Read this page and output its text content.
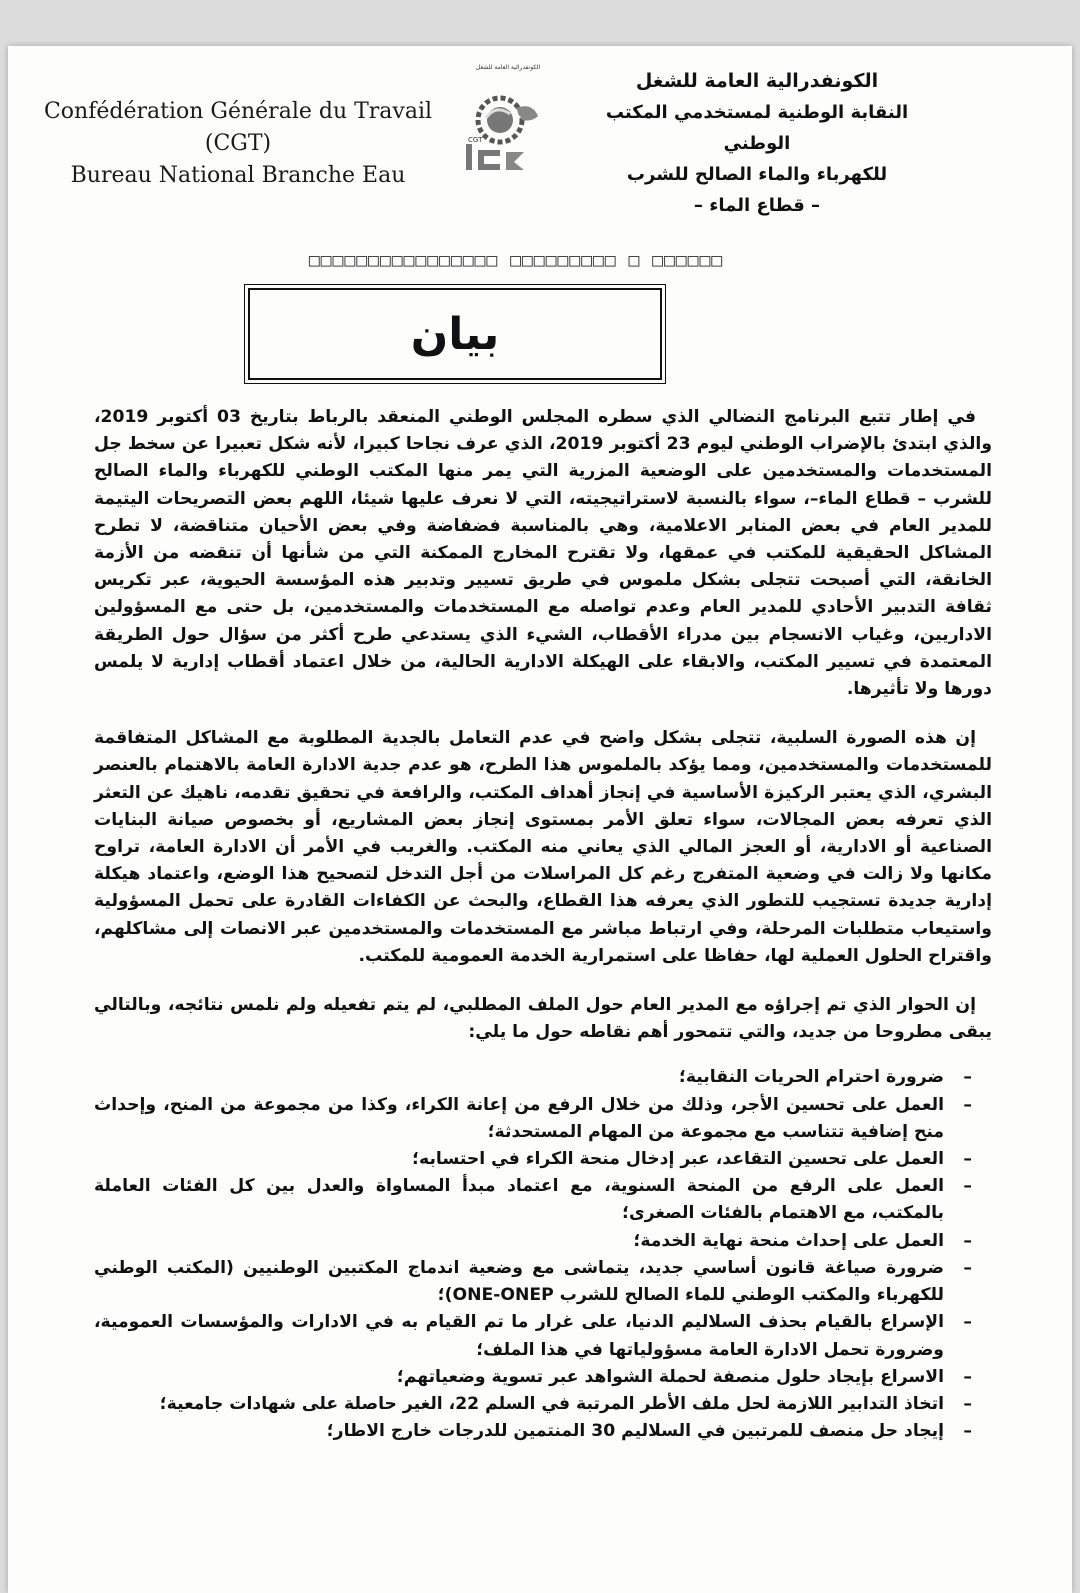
Confédération Générale du Travail
(CGT)
Bureau National Branche Eau
الكونفدرالية العامة للشغل
CGT
الكونفدرالية العامة للشغل
النقابة الوطنية لمستخدمي المكتب الوطني
للكهرباء والماء الصالح للشرب
– قطاع الماء –
□□□□□□□□□□□□□□□□ □□□□□□□□□ □ □□□□□□
بيان

في إطار تتبع البرنامج النضالي الذي سطره المجلس الوطني المنعقد بالرباط بتاريخ 03 أكتوبر 2019، والذي ابتدئ بالإضراب الوطني ليوم 23 أكتوبر 2019، الذي عرف نجاحا كبيرا، لأنه شكل تعبيرا عن سخط جل المستخدمات والمستخدمين على الوضعية المزرية التي يمر منها المكتب الوطني للكهرباء والماء الصالح للشرب – قطاع الماء–، سواء بالنسبة لاستراتيجيته، التي لا نعرف عليها شيئا، اللهم بعض التصريحات اليتيمة للمدير العام في بعض المنابر الاعلامية، وهي بالمناسبة فضفاضة وفي بعض الأحيان متناقضة، لا تطرح المشاكل الحقيقية للمكتب في عمقها، ولا تقترح المخارج الممكنة التي من شأنها أن تنقضه من الأزمة الخانقة، التي أصبحت تتجلى بشكل ملموس في طريق تسيير وتدبير هذه المؤسسة الحيوية، عبر تكريس ثقافة التدبير الأحادي للمدير العام وعدم تواصله مع المستخدمات والمستخدمين، بل حتى مع المسؤولين الاداريين، وغياب الانسجام بين مدراء الأقطاب، الشيء الذي يستدعي طرح أكثر من سؤال حول الطريقة المعتمدة في تسيير المكتب، والابقاء على الهيكلة الادارية الحالية، من خلال اعتماد أقطاب إدارية لا يلمس دورها ولا تأثيرها.

إن هذه الصورة السلبية، تتجلى بشكل واضح في عدم التعامل بالجدية المطلوبة مع المشاكل المتفاقمة للمستخدمات والمستخدمين، ومما يؤكد بالملموس هذا الطرح، هو عدم جدية الادارة العامة بالاهتمام بالعنصر البشري، الذي يعتبر الركيزة الأساسية في إنجاز أهداف المكتب، والرافعة في تحقيق تقدمه، ناهيك عن التعثر الذي تعرفه بعض المجالات، سواء تعلق الأمر بمستوى إنجاز بعض المشاريع، أو بخصوص صيانة البنايات الصناعية أو الادارية، أو العجز المالي الذي يعاني منه المكتب. والغريب في الأمر أن الادارة العامة، تراوح مكانها ولا زالت في وضعية المتفرج رغم كل المراسلات من أجل التدخل لتصحيح هذا الوضع، واعتماد هيكلة إدارية جديدة تستجيب للتطور الذي يعرفه هذا القطاع، والبحث عن الكفاءات القادرة على تحمل المسؤولية واستيعاب متطلبات المرحلة، وفي ارتباط مباشر مع المستخدمات والمستخدمين عبر الانصات إلى مشاكلهم، واقتراح الحلول العملية لها، حفاظا على استمرارية الخدمة العمومية للمكتب.

إن الحوار الذي تم إجراؤه مع المدير العام حول الملف المطلبي، لم يتم تفعيله ولم نلمس نتائجه، وبالتالي يبقى مطروحا من جديد، والتي تتمحور أهم نقاطه حول ما يلي:

–
ضرورة احترام الحريات النقابية؛
–
العمل على تحسين الأجر، وذلك من خلال الرفع من إعانة الكراء، وكذا من مجموعة من المنح، وإحداث منح إضافية تتناسب مع مجموعة من المهام المستحدثة؛
–
العمل على تحسين التقاعد، عبر إدخال منحة الكراء في احتسابه؛
–
العمل على الرفع من المنحة السنوية، مع اعتماد مبدأ المساواة والعدل بين كل الفئات العاملة بالمكتب، مع الاهتمام بالفئات الصغرى؛
–
العمل على إحداث منحة نهاية الخدمة؛
–
ضرورة صياغة قانون أساسي جديد، يتماشى مع وضعية اندماج المكتبين الوطنيين (المكتب الوطني للكهرباء والمكتب الوطني للماء الصالح للشرب ONE-ONEP)؛
–
الإسراع بالقيام بحذف السلاليم الدنيا، على غرار ما تم القيام به في الادارات والمؤسسات العمومية، وضرورة تحمل الادارة العامة مسؤولياتها في هذا الملف؛
–
الاسراع بإيجاد حلول منصفة لحملة الشواهد عبر تسوية وضعياتهم؛
–
اتخاذ التدابير اللازمة لحل ملف الأطر المرتبة في السلم 22، الغير حاصلة على شهادات جامعية؛
–
إيجاد حل منصف للمرتبين في السلاليم 30 المنتمين للدرجات خارج الاطار؛
